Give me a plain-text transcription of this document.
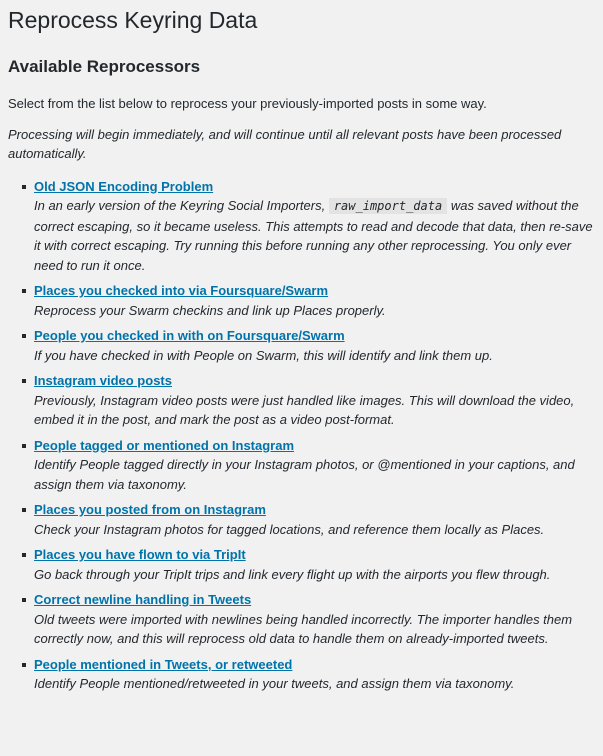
Reprocess Keyring Data
Available Reprocessors

Select from the list below to reprocess your previously-imported posts in some way.

Processing will begin immediately, and will continue until all relevant posts have been processed automatically.

Old JSON Encoding Problem
In an early version of the Keyring Social Importers, raw_import_data was saved without the correct escaping, so it became useless. This attempts to read and decode that data, then re-save it with correct escaping. Try running this before running any other reprocessing. You only ever need to run it once.
Places you checked into via Foursquare/Swarm
Reprocess your Swarm checkins and link up Places properly.
People you checked in with on Foursquare/Swarm
If you have checked in with People on Swarm, this will identify and link them up.
Instagram video posts
Previously, Instagram video posts were just handled like images. This will download the video, embed it in the post, and mark the post as a video post-format.
People tagged or mentioned on Instagram
Identify People tagged directly in your Instagram photos, or @mentioned in your captions, and assign them via taxonomy.
Places you posted from on Instagram
Check your Instagram photos for tagged locations, and reference them locally as Places.
Places you have flown to via TripIt
Go back through your TripIt trips and link every flight up with the airports you flew through.
Correct newline handling in Tweets
Old tweets were imported with newlines being handled incorrectly. The importer handles them correctly now, and this will reprocess old data to handle them on already-imported tweets.
People mentioned in Tweets, or retweeted
Identify People mentioned/retweeted in your tweets, and assign them via taxonomy.
